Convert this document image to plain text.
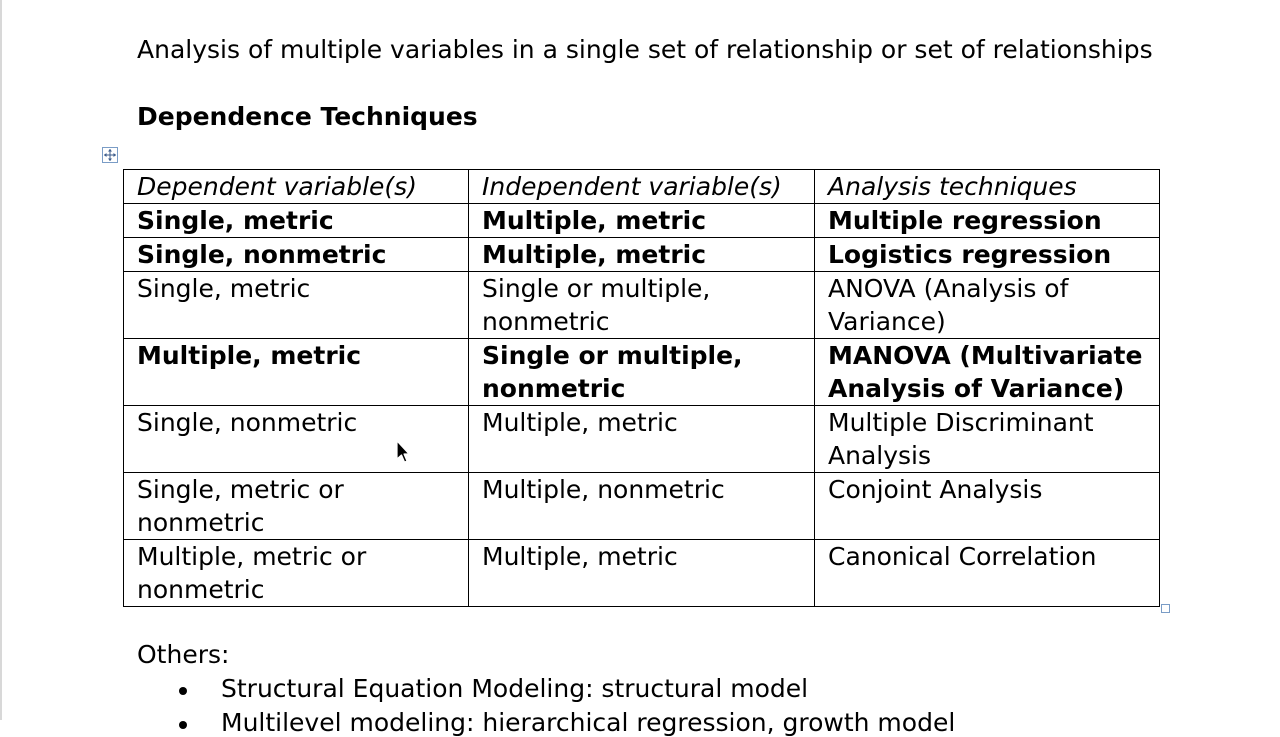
Analysis of multiple variables in a single set of relationship or set of relationships
Dependence Techniques
Dependent variable(s)	Independent variable(s)	Analysis techniques
Single, metric	Multiple, metric	Multiple regression
Single, nonmetric	Multiple, metric	Logistics regression
Single, metric	Single or multiple, nonmetric	ANOVA (Analysis of Variance)
Multiple, metric	Single or multiple, nonmetric	MANOVA (Multivariate Analysis of Variance)
Single, nonmetric	Multiple, metric	Multiple Discriminant Analysis
Single, metric or nonmetric	Multiple, nonmetric	Conjoint Analysis
Multiple, metric or nonmetric	Multiple, metric	Canonical Correlation
Others:
Structural Equation Modeling: structural model
Multilevel modeling: hierarchical regression, growth model
